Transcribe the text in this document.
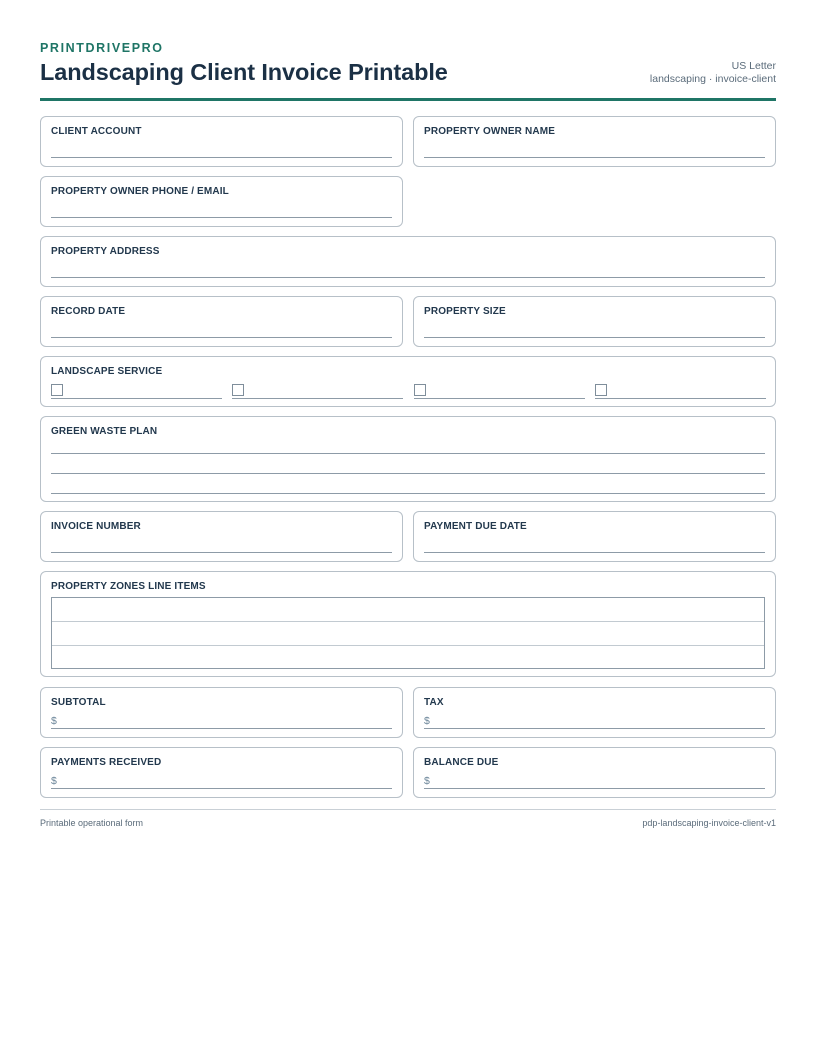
PRINTDRIVEPRO
Landscaping Client Invoice Printable	US Letter
landscaping · invoice-client
CLIENT ACCOUNT	PROPERTY OWNER NAME
PROPERTY OWNER PHONE / EMAIL
PROPERTY ADDRESS
RECORD DATE	PROPERTY SIZE
LANDSCAPE SERVICE
GREEN WASTE PLAN
INVOICE NUMBER	PAYMENT DUE DATE
PROPERTY ZONES LINE ITEMS
SUBTOTAL
$
TAX
$
PAYMENTS RECEIVED
$
BALANCE DUE
$
Printable operational form	pdp-landscaping-invoice-client-v1
